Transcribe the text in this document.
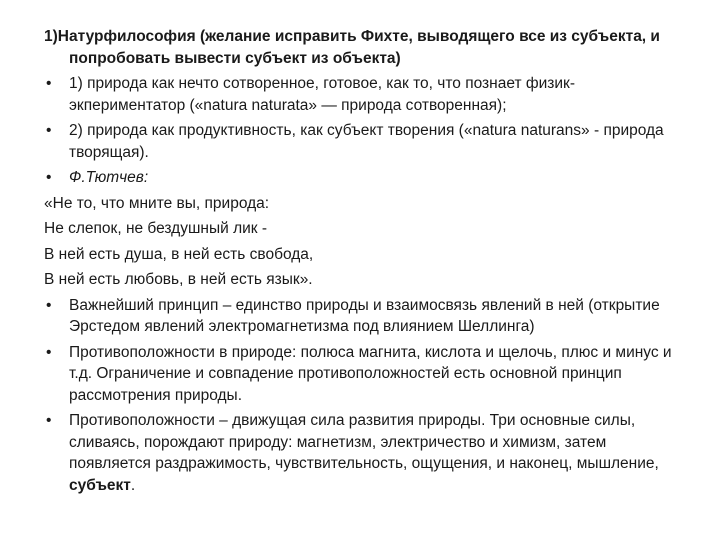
1)Натурфилософия (желание исправить Фихте, выводящего все из субъекта, и попробовать вывести субъект из объекта)
• 1) природа как нечто сотворенное, готовое, как то, что познает физик-экпериментатор («natura naturata» — природа сотворенная);
• 2) природа как продуктивность, как субъект творения («natura naturans» - природа творящая).
• Ф.Тютчев:
«Не то, что мните вы, природа:
Не слепок, не бездушный лик -
В ней есть душа, в ней есть свобода,
В ней есть любовь, в ней есть язык».
• Важнейший принцип – единство природы и взаимосвязь явлений в ней (открытие Эрстедом явлений электромагнетизма под влиянием Шеллинга)
• Противоположности в природе: полюса магнита, кислота и щелочь, плюс и минус и т.д. Ограничение и совпадение противоположностей есть основной принцип рассмотрения природы.
• Противоположности – движущая сила развития природы. Три основные силы, сливаясь, порождают природу: магнетизм, электричество и химизм, затем появляется раздражимость, чувствительность, ощущения, и наконец, мышление, субъект.
